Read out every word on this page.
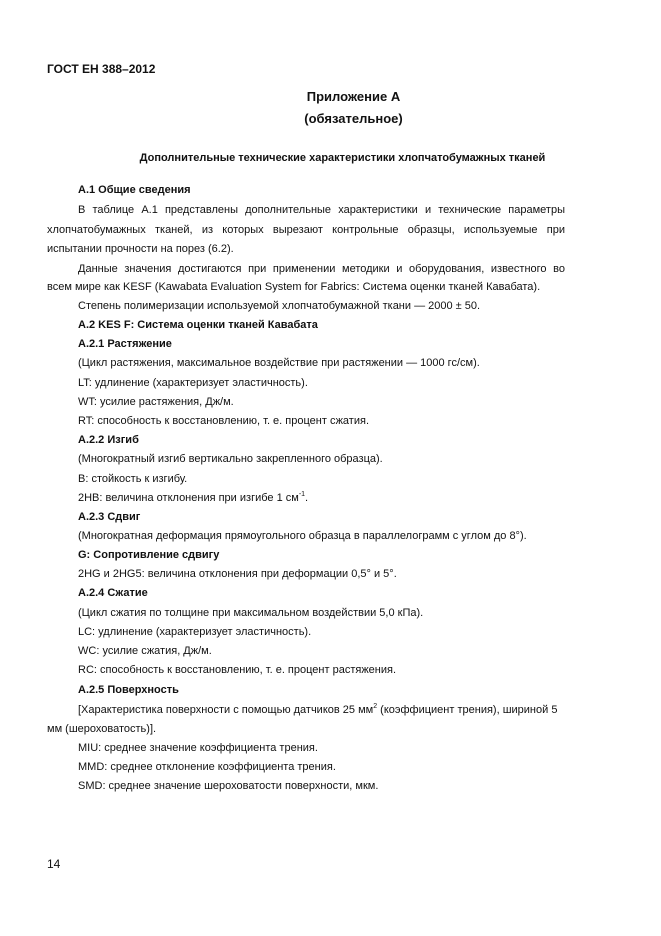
ГОСТ ЕН 388–2012
Приложение А
(обязательное)
Дополнительные технические характеристики хлопчатобумажных тканей
А.1 Общие сведения
В таблице А.1 представлены дополнительные характеристики и технические параметры
хлопчатобумажных тканей, из которых вырезают контрольные образцы, используемые при
испытании прочности на порез (6.2).
Данные значения достигаются при применении методики и оборудования, известного во
всем мире как KESF (Kawabata Evaluation System for Fabrics: Система оценки тканей Кавабата).
Степень полимеризации используемой хлопчатобумажной ткани — 2000 ± 50.
А.2 KES F: Система оценки тканей Кавабата
А.2.1 Растяжение
(Цикл растяжения, максимальное воздействие при растяжении — 1000 гс/см).
LT: удлинение (характеризует эластичность).
WT: усилие растяжения, Дж/м.
RT: способность к восстановлению, т. е. процент сжатия.
А.2.2 Изгиб
(Многократный изгиб вертикально закрепленного образца).
В: стойкость к изгибу.
2НВ: величина отклонения при изгибе 1 $см^{-1}$.
А.2.3 Сдвиг
(Многократная деформация прямоугольного образца в параллелограмм с углом до 8°).
G: Сопротивление сдвигу
2HG и 2HG5: величина отклонения при деформации 0,5° и 5°.
А.2.4 Сжатие
(Цикл сжатия по толщине при максимальном воздействии 5,0 кПа).
LC: удлинение (характеризует эластичность).
WC: усилие сжатия, Дж/м.
RC: способность к восстановлению, т. е. процент растяжения.
А.2.5 Поверхность
[Характеристика поверхности с помощью датчиков 25 $мм^2$ (коэффициент трения), шириной 5
мм (шероховатость)].
MIU: среднее значение коэффициента трения.
MMD: среднее отклонение коэффициента трения.
SMD: среднее значение шероховатости поверхности, мкм.
14
